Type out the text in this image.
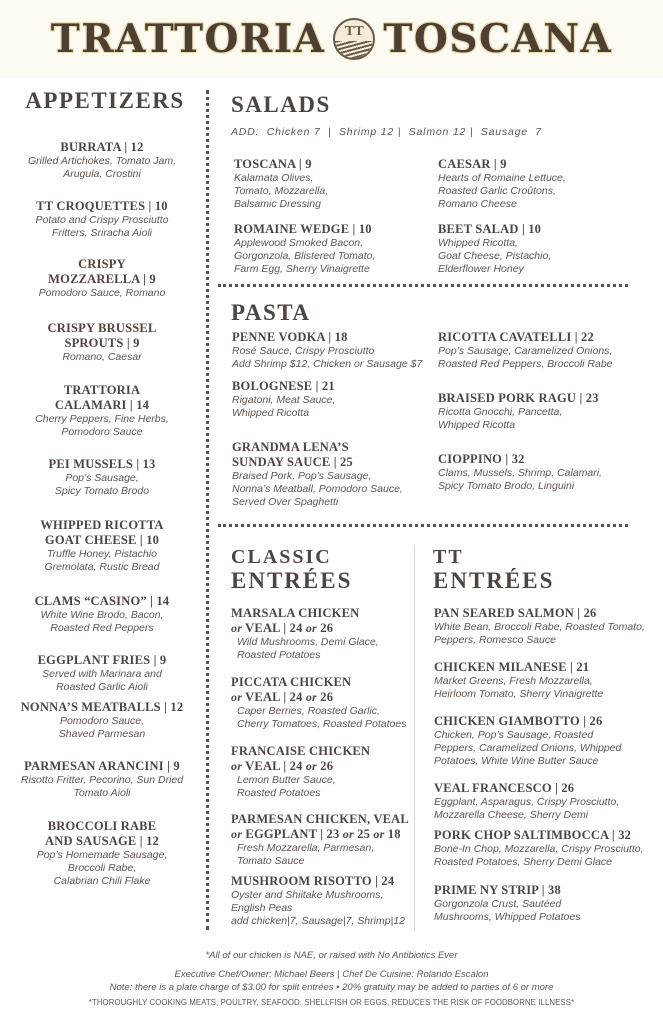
TRATTORIA TT TOSCANA
APPETIZERS
BURRATA | 12
Grilled Artichokes, Tomato Jam,
Arugula, Crostini
TT CROQUETTES | 10
Potato and Crispy Prosciutto
Fritters, Sriracha Aioli
CRISPY
MOZZARELLA | 9
Pomodoro Sauce, Romano
CRISPY BRUSSEL
SPROUTS | 9
Romano, Caesar
TRATTORIA
CALAMARI | 14
Cherry Peppers, Fine Herbs,
Pomodoro Sauce
PEI MUSSELS | 13
Pop’s Sausage,
Spicy Tomato Brodo
WHIPPED RICOTTA
GOAT CHEESE | 10
Truffle Honey, Pistachio
Gremolata, Rustic Bread
CLAMS “CASINO” | 14
White Wine Brodo, Bacon,
Roasted Red Peppers
EGGPLANT FRIES | 9
Served with Marinara and
Roasted Garlic Aioli
NONNA’S MEATBALLS | 12
Pomodoro Sauce,
Shaved Parmesan
PARMESAN ARANCINI | 9
Risotto Fritter, Pecorino, Sun Dried
Tomato Aioli
BROCCOLI RABE
AND SAUSAGE | 12
Pop’s Homemade Sausage,
Broccoli Rabe,
Calabrian Chili Flake
SALADS
ADD:  Chicken 7  |  Shrimp 12 |  Salmon 12 |  Sausage  7
TOSCANA | 9
Kalamata Olives,
Tomato, Mozzarella,
Balsamic Dressing
CAESAR | 9
Hearts of Romaine Lettuce,
Roasted Garlic Croûtons,
Romano Cheese
ROMAINE WEDGE | 10
Applewood Smoked Bacon,
Gorgonzola, Blistered Tomato,
Farm Egg, Sherry Vinaigrette
BEET SALAD | 10
Whipped Ricotta,
Goat Cheese, Pistachio,
Elderflower Honey
PASTA
PENNE VODKA | 18
Rosé Sauce, Crispy Prosciutto
Add Shrimp $12, Chicken or Sausage $7
RICOTTA CAVATELLI | 22
Pop’s Sausage, Caramelized Onions,
Roasted Red Peppers, Broccoli Rabe
BOLOGNESE | 21
Rigatoni, Meat Sauce,
Whipped Ricotta
BRAISED PORK RAGU | 23
Ricotta Gnocchi, Pancetta,
Whipped Ricotta
GRANDMA LENA’S
SUNDAY SAUCE | 25
Braised Pork, Pop’s Sausage,
Nonna’s Meatball, Pomodoro Sauce,
Served Over Spaghetti
CIOPPINO | 32
Clams, Mussels, Shrimp, Calamari,
Spicy Tomato Brodo, Linguini
CLASSIC
ENTRÉES
MARSALA CHICKEN
or VEAL | 24 or 26
Wild Mushrooms, Demi Glace,
Roasted Potatoes
PICCATA CHICKEN
or VEAL | 24 or 26
Caper Berries, Roasted Garlic,
Cherry Tomatoes, Roasted Potatoes
FRANCAISE CHICKEN
or VEAL | 24 or 26
Lemon Butter Sauce,
Roasted Potatoes
PARMESAN CHICKEN, VEAL
or EGGPLANT | 23 or 25 or 18
Fresh Mozzarella, Parmesan,
Tomato Sauce
MUSHROOM RISOTTO | 24
Oyster and Shiitake Mushrooms,
English Peas
add chicken|7, Sausage|7, Shrimp|12
TT
ENTRÉES
PAN SEARED SALMON | 26
White Bean, Broccoli Rabe, Roasted Tomato,
Peppers, Romesco Sauce
CHICKEN MILANESE | 21
Market Greens, Fresh Mozzarella,
Heirloom Tomato, Sherry Vinaigrette
CHICKEN GIAMBOTTO | 26
Chicken, Pop’s Sausage, Roasted
Peppers, Caramelized Onions, Whipped
Potatoes, White Wine Butter Sauce
VEAL FRANCESCO | 26
Eggplant, Asparagus, Crispy Prosciutto,
Mozzarella Cheese, Sherry Demi
PORK CHOP SALTIMBOCCA | 32
Bone-In Chop, Mozzarella, Crispy Prosciutto,
Roasted Potatoes, Sherry Demi Glace
PRIME NY STRIP | 38
Gorgonzola Crust, Sautéed
Mushrooms, Whipped Potatoes
*All of our chicken is NAE, or raised with No Antibiotics Ever
Executive Chef/Owner: Michael Beers | Chef De Cuisine: Rolando Escalon
Note: there is a plate charge of $3.00 for split entrées • 20% gratuity may be added to parties of 6 or more
*THOROUGHLY COOKING MEATS, POULTRY, SEAFOOD, SHELLFISH OR EGGS, REDUCES THE RISK OF FOODBORNE ILLNESS*
